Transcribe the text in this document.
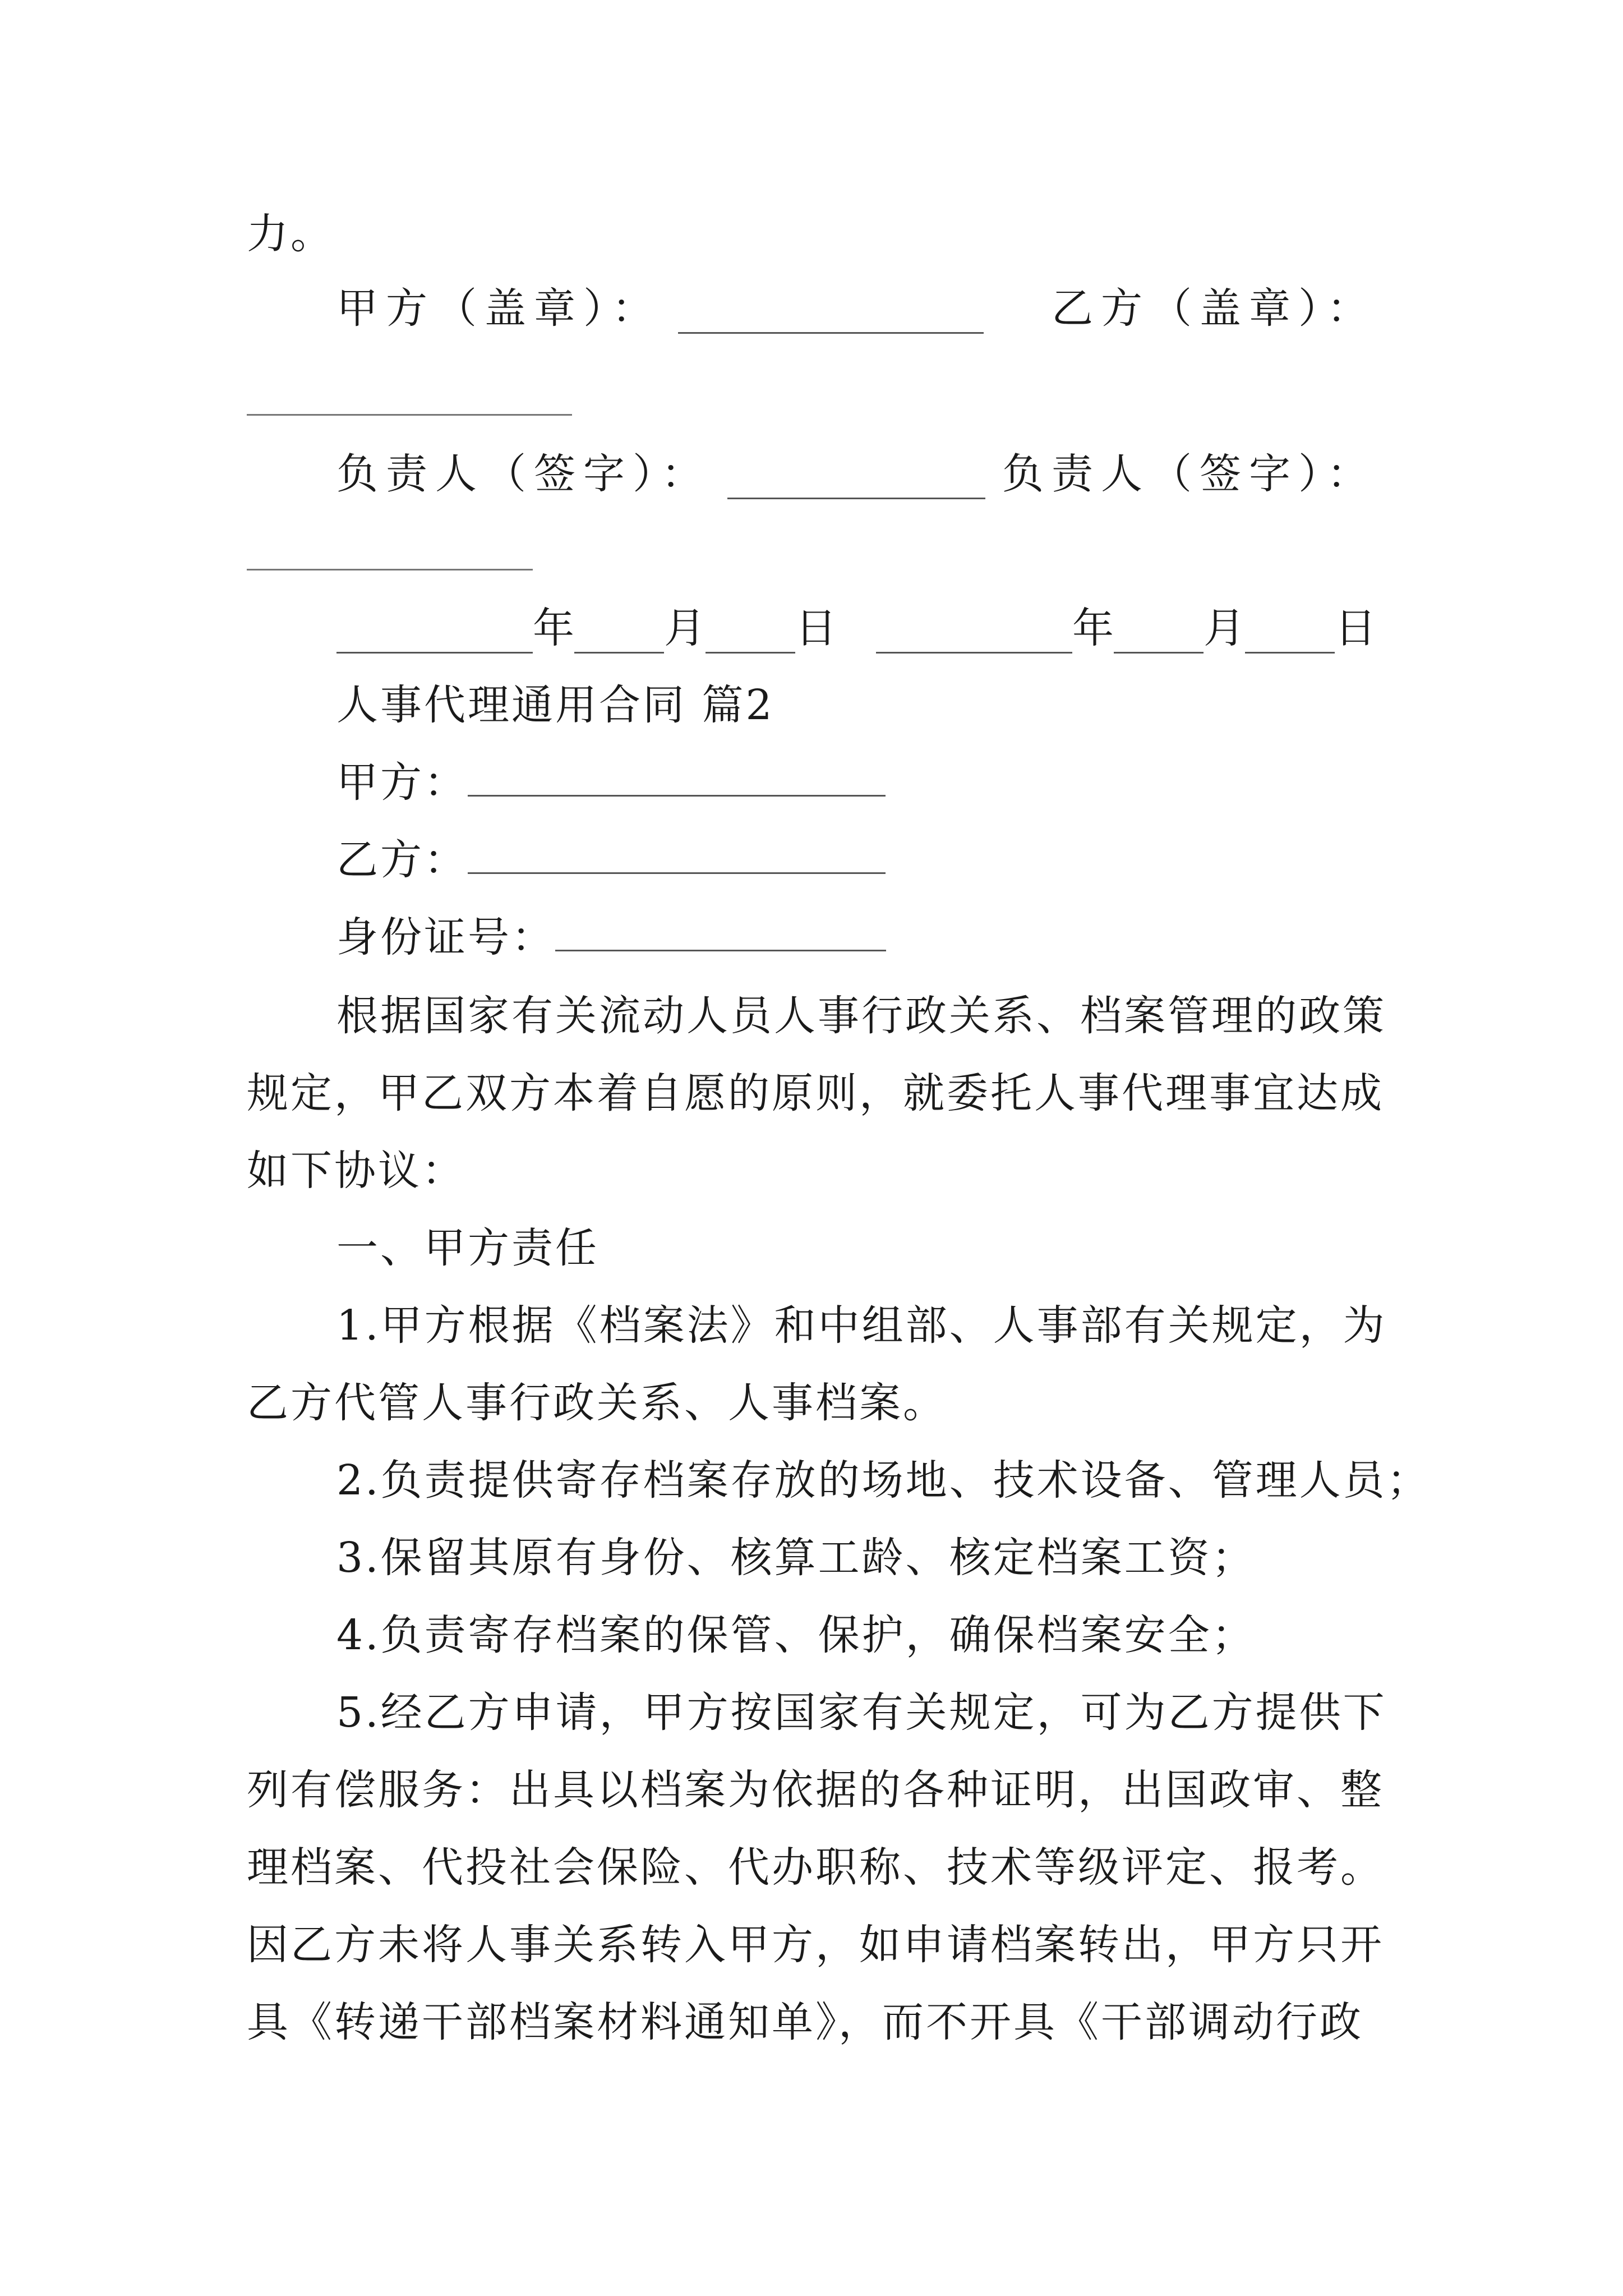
力。
甲方（盖章）：	乙方（盖章）：
负责人（签字）：	负责人（签字）：
年 月 日	年 月 日
人事代理通用合同 篇2
甲方：
乙方：
身份证号：
根据国家有关流动人员人事行政关系、档案管理的政策
规定，甲乙双方本着自愿的原则，就委托人事代理事宜达成
如下协议：
一、甲方责任
1.甲方根据《档案法》和中组部、人事部有关规定，为
乙方代管人事行政关系、人事档案。
2.负责提供寄存档案存放的场地、技术设备、管理人员；
3.保留其原有身份、核算工龄、核定档案工资；
4.负责寄存档案的保管、保护，确保档案安全；
5.经乙方申请，甲方按国家有关规定，可为乙方提供下
列有偿服务：出具以档案为依据的各种证明，出国政审、整
理档案、代投社会保险、代办职称、技术等级评定、报考。
因乙方未将人事关系转入甲方，如申请档案转出，甲方只开
具《转递干部档案材料通知单》，而不开具《干部调动行政
